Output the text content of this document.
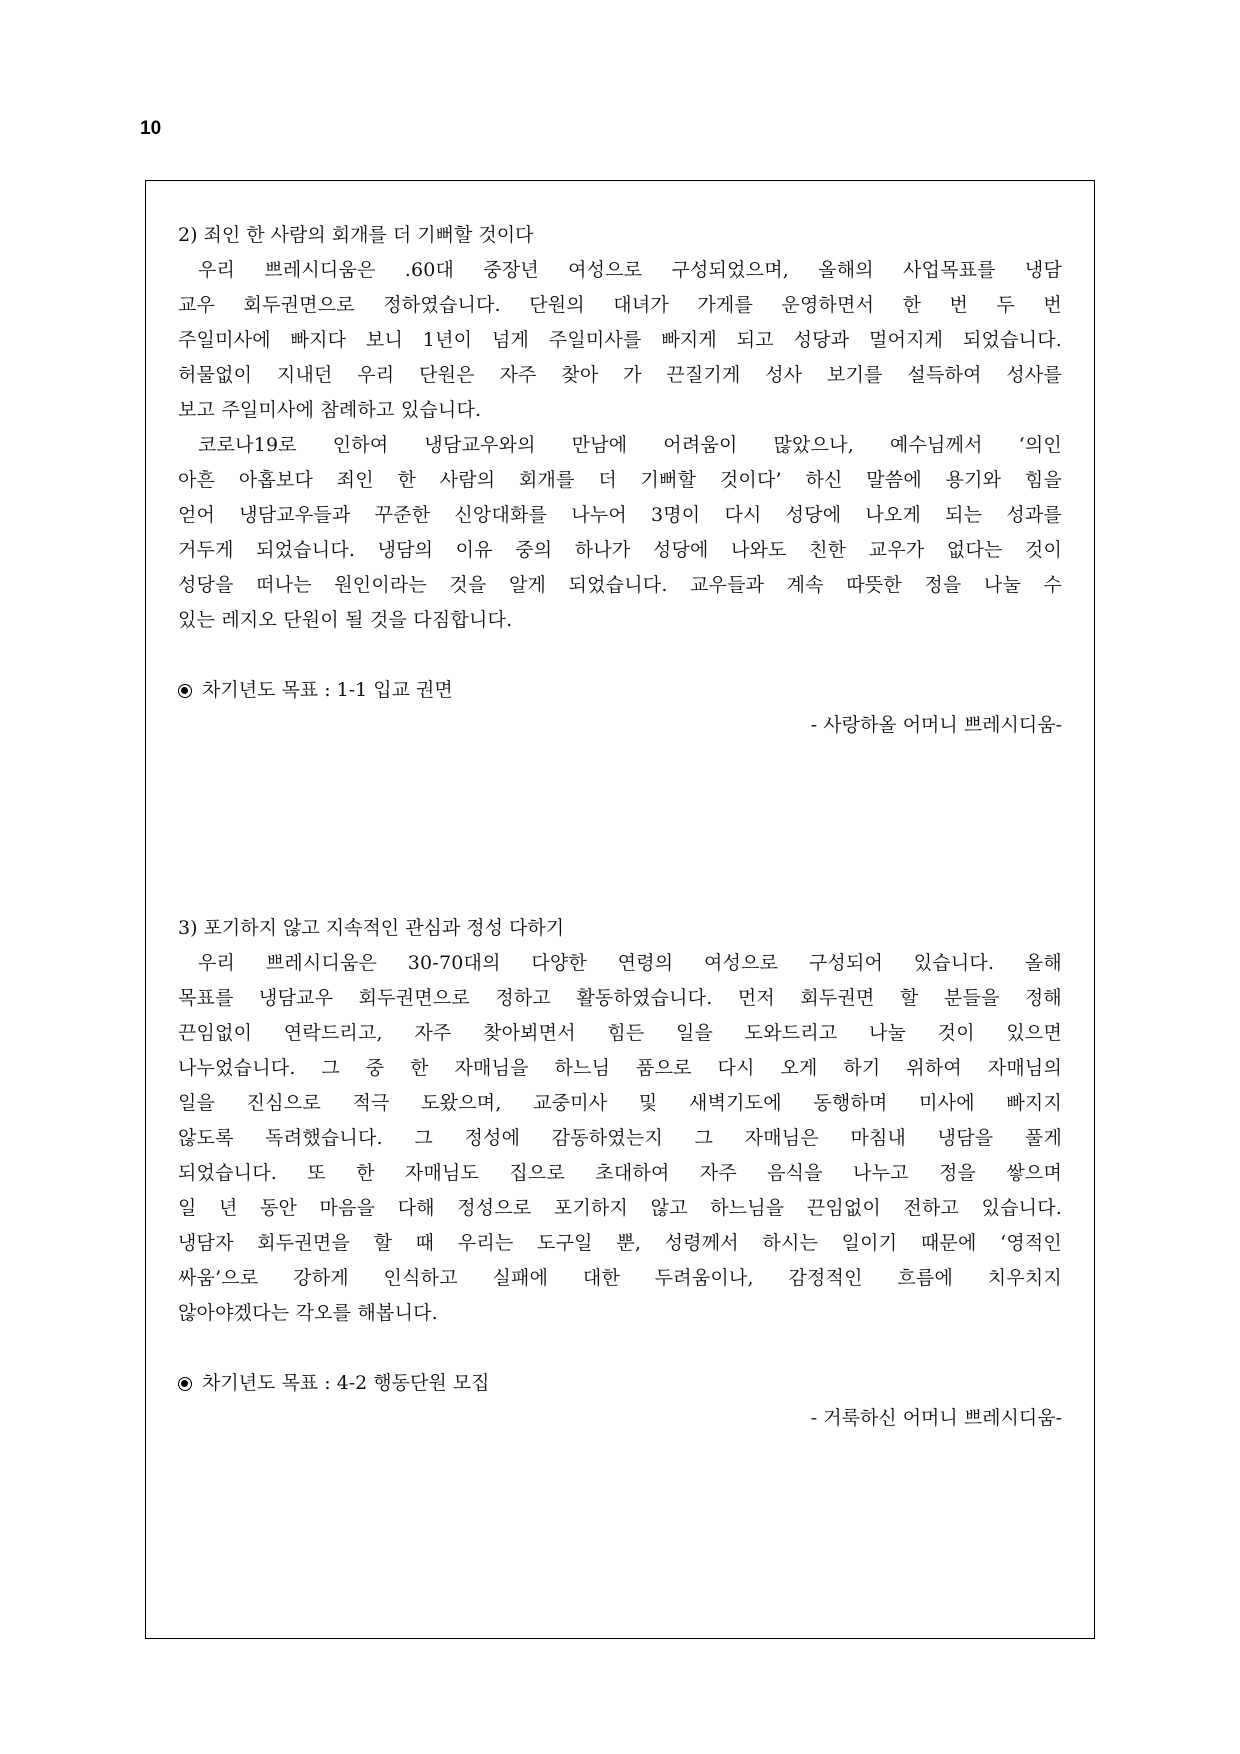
10
2) 죄인 한 사람의 회개를 더 기뻐할 것이다
우리 쁘레시디움은 .60대 중장년 여성으로 구성되었으며, 올해의 사업목표를 냉담
교우 회두권면으로 정하였습니다. 단원의 대녀가 가게를 운영하면서 한 번 두 번
주일미사에 빠지다 보니 1년이 넘게 주일미사를 빠지게 되고 성당과 멀어지게 되었습니다.
허물없이 지내던 우리 단원은 자주 찾아 가 끈질기게 성사 보기를 설득하여 성사를
보고 주일미사에 참례하고 있습니다.
코로나19로 인하여 냉담교우와의 만남에 어려움이 많았으나, 예수님께서 ‘의인
아흔 아홉보다 죄인 한 사람의 회개를 더 기뻐할 것이다’ 하신 말씀에 용기와 힘을
얻어 냉담교우들과 꾸준한 신앙대화를 나누어 3명이 다시 성당에 나오게 되는 성과를
거두게 되었습니다. 냉담의 이유 중의 하나가 성당에 나와도 친한 교우가 없다는 것이
성당을 떠나는 원인이라는 것을 알게 되었습니다. 교우들과 계속 따뜻한 정을 나눌 수
있는 레지오 단원이 될 것을 다짐합니다.
차기년도 목표 : 1-1 입교 권면
- 사랑하올 어머니 쁘레시디움-
3) 포기하지 않고 지속적인 관심과 정성 다하기
우리 쁘레시디움은 30-70대의 다양한 연령의 여성으로 구성되어 있습니다. 올해
목표를 냉담교우 회두권면으로 정하고 활동하였습니다. 먼저 회두권면 할 분들을 정해
끈임없이 연락드리고, 자주 찾아뵈면서 힘든 일을 도와드리고 나눌 것이 있으면
나누었습니다. 그 중 한 자매님을 하느님 품으로 다시 오게 하기 위하여 자매님의
일을 진심으로 적극 도왔으며, 교중미사 및 새벽기도에 동행하며 미사에 빠지지
않도록 독려했습니다. 그 정성에 감동하였는지 그 자매님은 마침내 냉담을 풀게
되었습니다. 또 한 자매님도 집으로 초대하여 자주 음식을 나누고 정을 쌓으며
일 년 동안 마음을 다해 정성으로 포기하지 않고 하느님을 끈임없이 전하고 있습니다.
냉담자 회두권면을 할 때 우리는 도구일 뿐, 성령께서 하시는 일이기 때문에 ‘영적인
싸움’으로 강하게 인식하고 실패에 대한 두려움이나, 감정적인 흐름에 치우치지
않아야겠다는 각오를 해봅니다.
차기년도 목표 : 4-2 행동단원 모집
- 거룩하신 어머니 쁘레시디움-
